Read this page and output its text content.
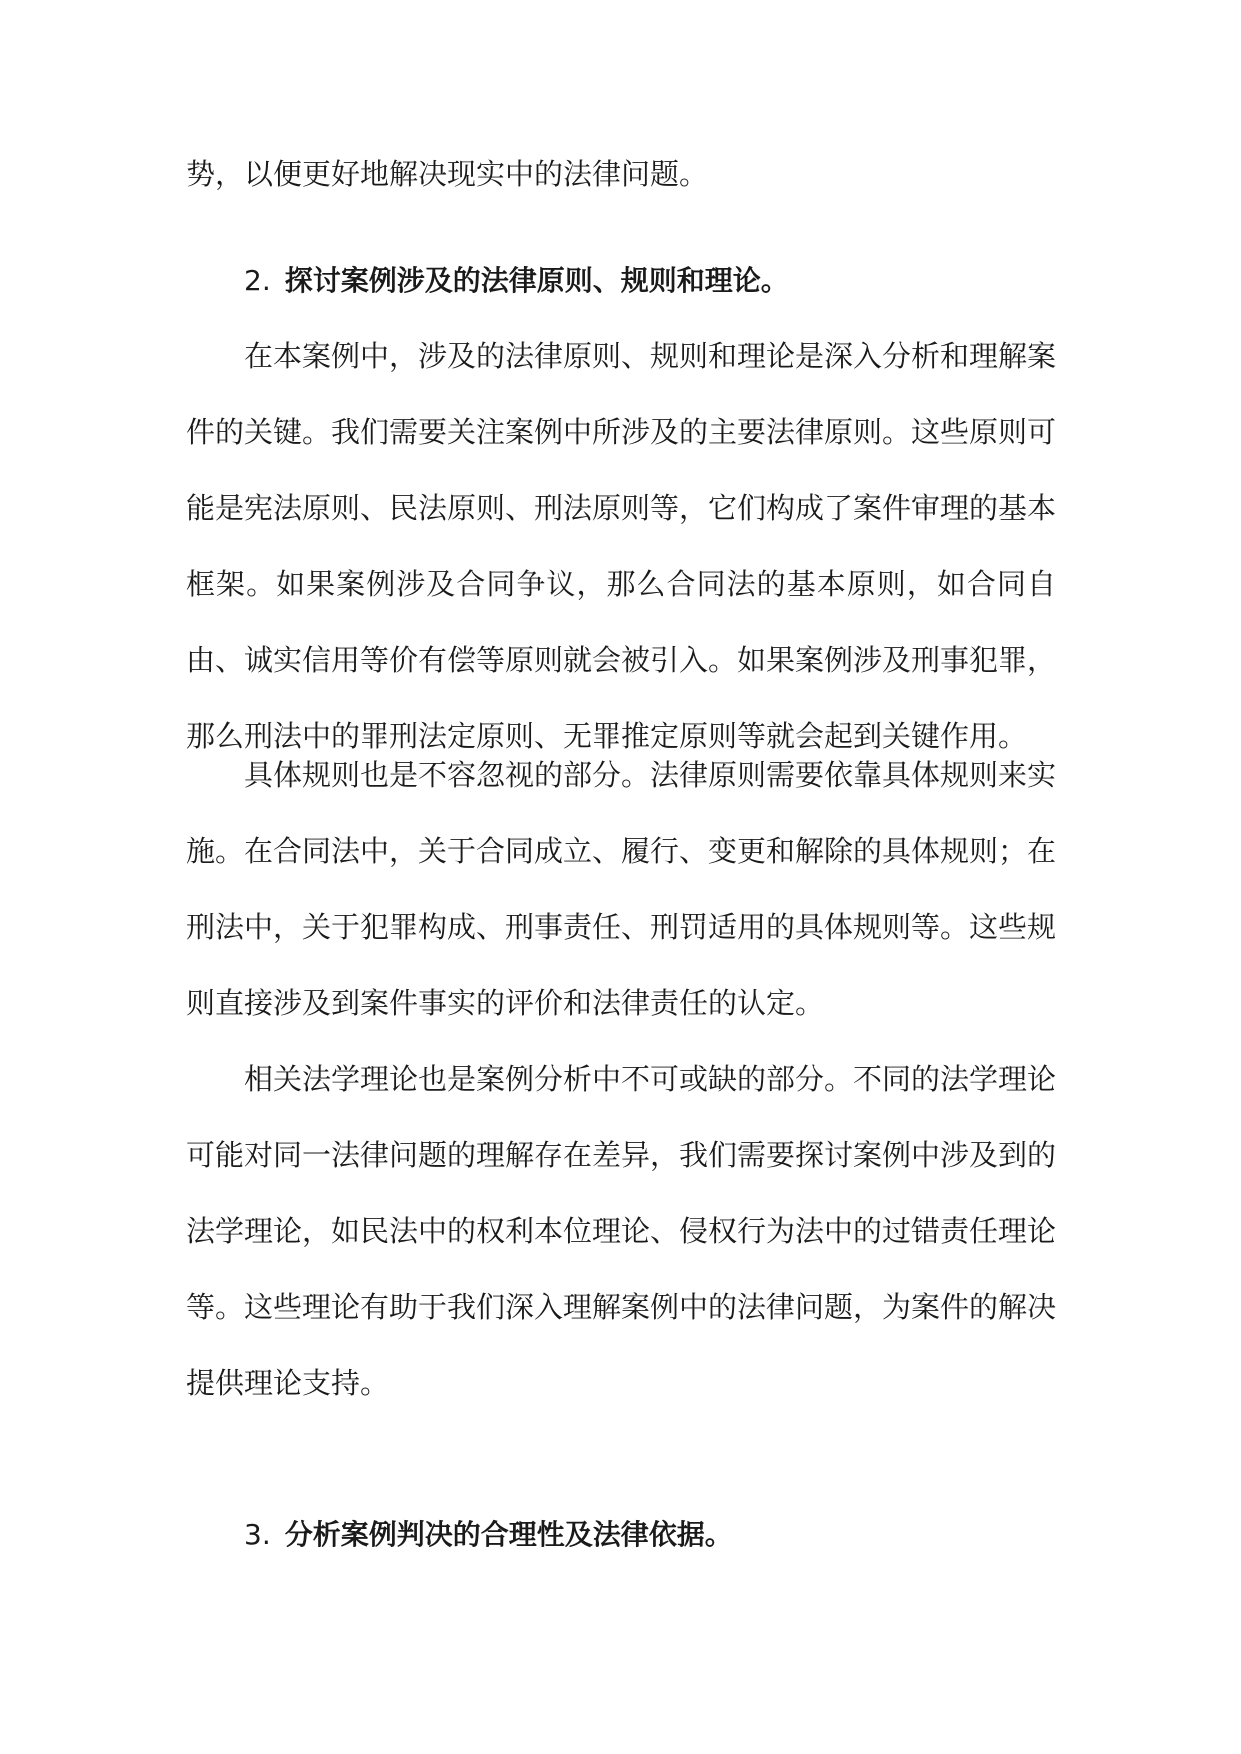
势，以便更好地解决现实中的法律问题。

2. 探讨案例涉及的法律原则、规则和理论。

在本案例中，涉及的法律原则、规则和理论是深入分析和理解案件的关键。我们需要关注案例中所涉及的主要法律原则。这些原则可能是宪法原则、民法原则、刑法原则等，它们构成了案件审理的基本框架。如果案例涉及合同争议，那么合同法的基本原则，如合同自由、诚实信用等价有偿等原则就会被引入。如果案例涉及刑事犯罪，那么刑法中的罪刑法定原则、无罪推定原则等就会起到关键作用。

具体规则也是不容忽视的部分。法律原则需要依靠具体规则来实施。在合同法中，关于合同成立、履行、变更和解除的具体规则；在刑法中，关于犯罪构成、刑事责任、刑罚适用的具体规则等。这些规则直接涉及到案件事实的评价和法律责任的认定。

相关法学理论也是案例分析中不可或缺的部分。不同的法学理论可能对同一法律问题的理解存在差异，我们需要探讨案例中涉及到的法学理论，如民法中的权利本位理论、侵权行为法中的过错责任理论等。这些理论有助于我们深入理解案例中的法律问题，为案件的解决提供理论支持。

3. 分析案例判决的合理性及法律依据。
